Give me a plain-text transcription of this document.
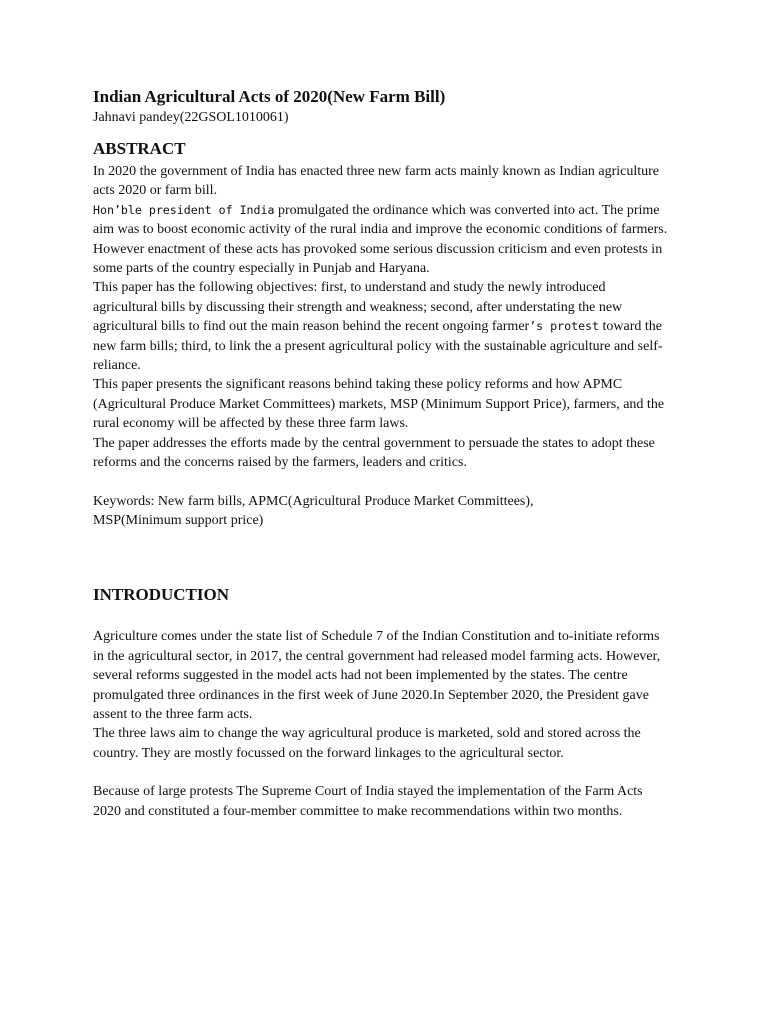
Indian Agricultural Acts of 2020(New Farm Bill)

Jahnavi pandey(22GSOL1010061)

ABSTRACT

In 2020 the government of India has enacted three new farm acts mainly known as Indian agriculture acts 2020 or farm bill.

Hon’ble president of India promulgated the ordinance which was converted into act. The prime aim was to boost economic activity of the rural india and improve the economic conditions of farmers.

However enactment of these acts has provoked some serious discussion criticism and even protests in some parts of the country especially in Punjab and Haryana.

This paper has the following objectives: first, to understand and study the newly introduced agricultural bills by discussing their strength and weakness; second, after understating the new agricultural bills to find out the main reason behind the recent ongoing farmer’s protest toward the new farm bills; third, to link the a present agricultural policy with the sustainable agriculture and self-reliance.

This paper presents the significant reasons behind taking these policy reforms and how APMC (Agricultural Produce Market Committees) markets, MSP (Minimum Support Price), farmers, and the rural economy will be affected by these three farm laws.

The paper addresses the efforts made by the central government to persuade the states to adopt these reforms and the concerns raised by the farmers, leaders and critics.

Keywords: New farm bills, APMC(Agricultural Produce Market Committees),

MSP(Minimum support price)

INTRODUCTION

Agriculture comes under the state list of Schedule 7 of the Indian Constitution and to-initiate reforms in the agricultural sector, in 2017, the central government had released model farming acts. However, several reforms suggested in the model acts had not been implemented by the states. The centre promulgated three ordinances in the first week of June 2020.In September 2020, the President gave assent to the three farm acts.

The three laws aim to change the way agricultural produce is marketed, sold and stored across the country. They are mostly focussed on the forward linkages to the agricultural sector.

Because of large protests The Supreme Court of India stayed the implementation of the Farm Acts 2020 and constituted a four-member committee to make recommendations within two months.
